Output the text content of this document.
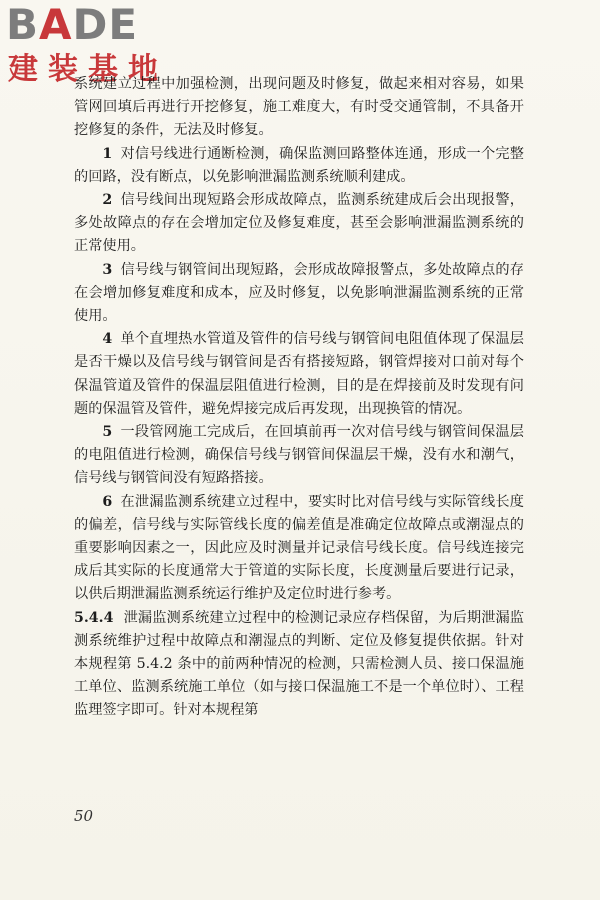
BADE
建装基地

系统建立过程中加强检测，出现问题及时修复，做起来相对容易，如果管网回填后再进行开挖修复，施工难度大，有时受交通管制，不具备开挖修复的条件，无法及时修复。

1 对信号线进行通断检测，确保监测回路整体连通，形成一个完整的回路，没有断点，以免影响泄漏监测系统顺利建成。

2 信号线间出现短路会形成故障点，监测系统建成后会出现报警，多处故障点的存在会增加定位及修复难度，甚至会影响泄漏监测系统的正常使用。

3 信号线与钢管间出现短路，会形成故障报警点，多处故障点的存在会增加修复难度和成本，应及时修复，以免影响泄漏监测系统的正常使用。

4 单个直埋热水管道及管件的信号线与钢管间电阻值体现了保温层是否干燥以及信号线与钢管间是否有搭接短路，钢管焊接对口前对每个保温管道及管件的保温层阻值进行检测，目的是在焊接前及时发现有问题的保温管及管件，避免焊接完成后再发现，出现换管的情况。

5 一段管网施工完成后，在回填前再一次对信号线与钢管间保温层的电阻值进行检测，确保信号线与钢管间保温层干燥，没有水和潮气，信号线与钢管间没有短路搭接。

6 在泄漏监测系统建立过程中，要实时比对信号线与实际管线长度的偏差，信号线与实际管线长度的偏差值是准确定位故障点或潮湿点的重要影响因素之一，因此应及时测量并记录信号线长度。信号线连接完成后其实际的长度通常大于管道的实际长度，长度测量后要进行记录，以供后期泄漏监测系统运行维护及定位时进行参考。

5.4.4 泄漏监测系统建立过程中的检测记录应存档保留，为后期泄漏监测系统维护过程中故障点和潮湿点的判断、定位及修复提供依据。针对本规程第 5.4.2 条中的前两种情况的检测，只需检测人员、接口保温施工单位、监测系统施工单位（如与接口保温施工不是一个单位时）、工程监理签字即可。针对本规程第

50
